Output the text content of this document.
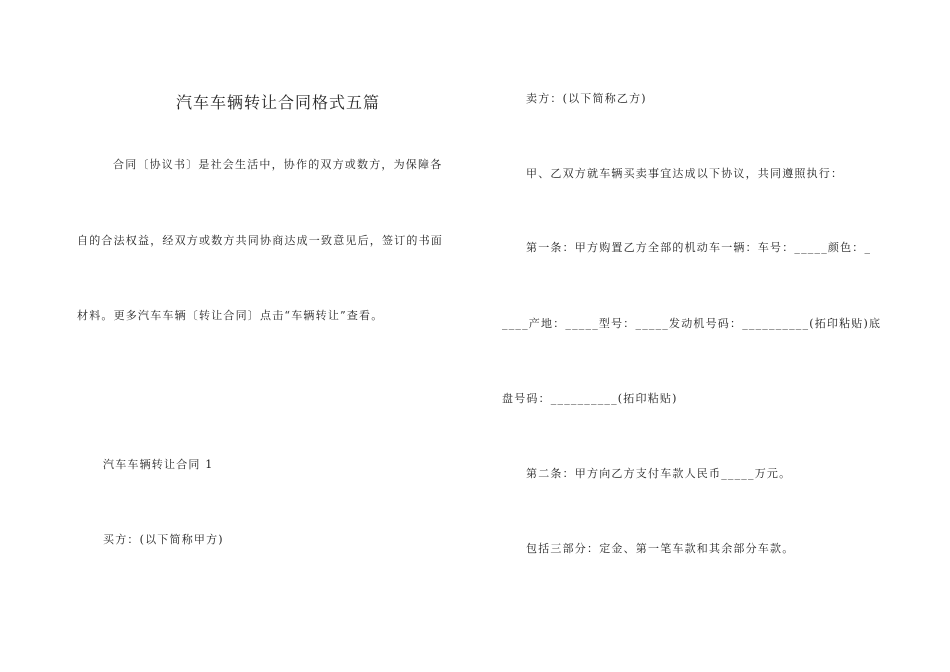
汽车车辆转让合同格式五篇
合同〔协议书〕是社会生活中，协作的双方或数方，为保障各
自的合法权益，经双方或数方共同协商达成一致意见后，签订的书面
材料。更多汽车车辆〔转让合同〕点击“车辆转让”查看。
汽车车辆转让合同 1
买方：(以下简称甲方)
卖方：(以下简称乙方)
甲、乙双方就车辆买卖事宜达成以下协议，共同遵照执行：
第一条：甲方购置乙方全部的机动车一辆：车号：_____颜色：_
____产地：_____型号：_____发动机号码：__________(拓印粘贴)底
盘号码：__________(拓印粘贴)
第二条：甲方向乙方支付车款人民币_____万元。
包括三部分：定金、第一笔车款和其余部分车款。
